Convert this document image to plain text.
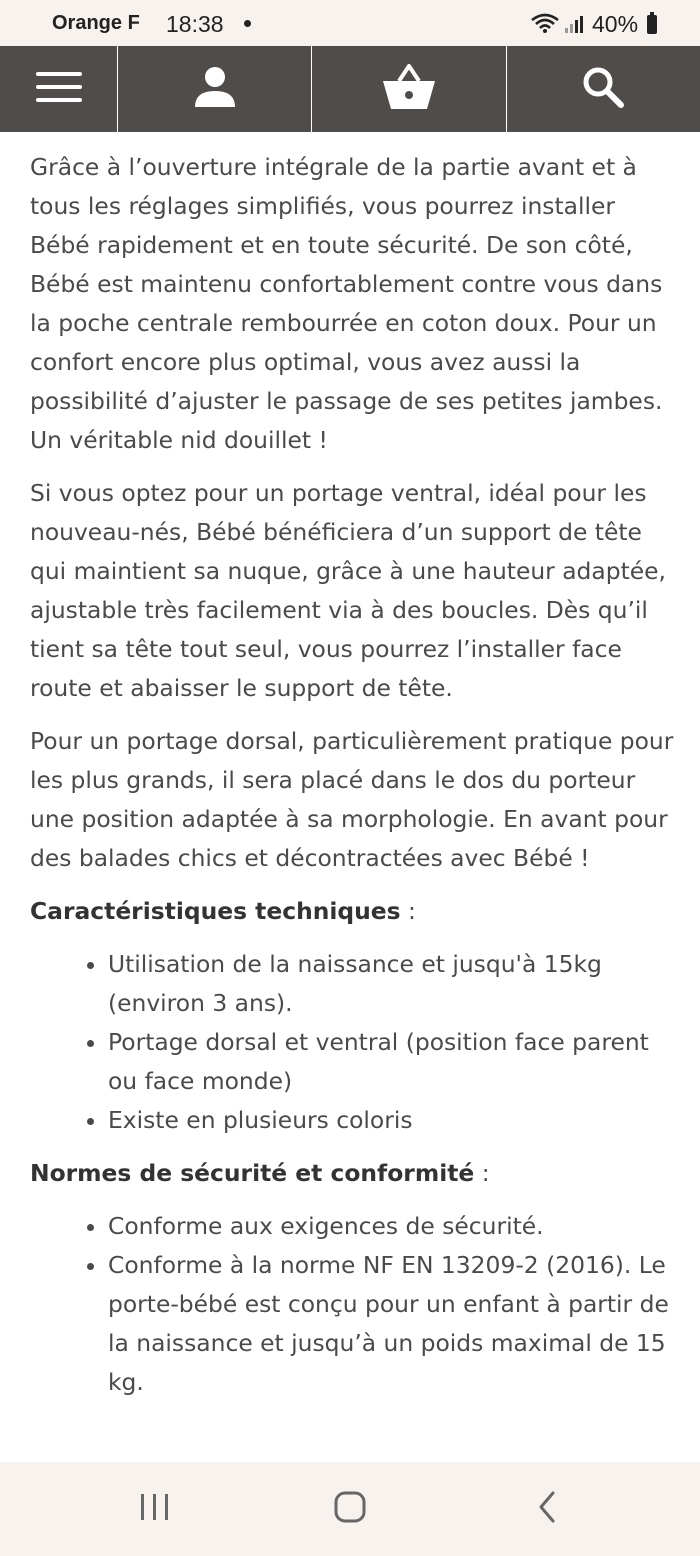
Orange F 18:38	40%

Grâce à l’ouverture intégrale de la partie avant et à tous les réglages simplifiés, vous pourrez installer Bébé rapidement et en toute sécurité. De son côté, Bébé est maintenu confortablement contre vous dans la poche centrale rembourrée en coton doux. Pour un confort encore plus optimal, vous avez aussi la possibilité d’ajuster le passage de ses petites jambes. Un véritable nid douillet !

Si vous optez pour un portage ventral, idéal pour les nouveau-nés, Bébé bénéficiera d’un support de tête qui maintient sa nuque, grâce à une hauteur adaptée, ajustable très facilement via à des boucles. Dès qu’il tient sa tête tout seul, vous pourrez l’installer face route et abaisser le support de tête.

Pour un portage dorsal, particulièrement pratique pour les plus grands, il sera placé dans le dos du porteur une position adaptée à sa morphologie. En avant pour des balades chics et décontractées avec Bébé !

Caractéristiques techniques :

• Utilisation de la naissance et jusqu'à 15kg (environ 3 ans).
• Portage dorsal et ventral (position face parent ou face monde)
• Existe en plusieurs coloris

Normes de sécurité et conformité :

• Conforme aux exigences de sécurité.
• Conforme à la norme NF EN 13209-2 (2016). Le porte-bébé est conçu pour un enfant à partir de la naissance et jusqu’à un poids maximal de 15 kg.
